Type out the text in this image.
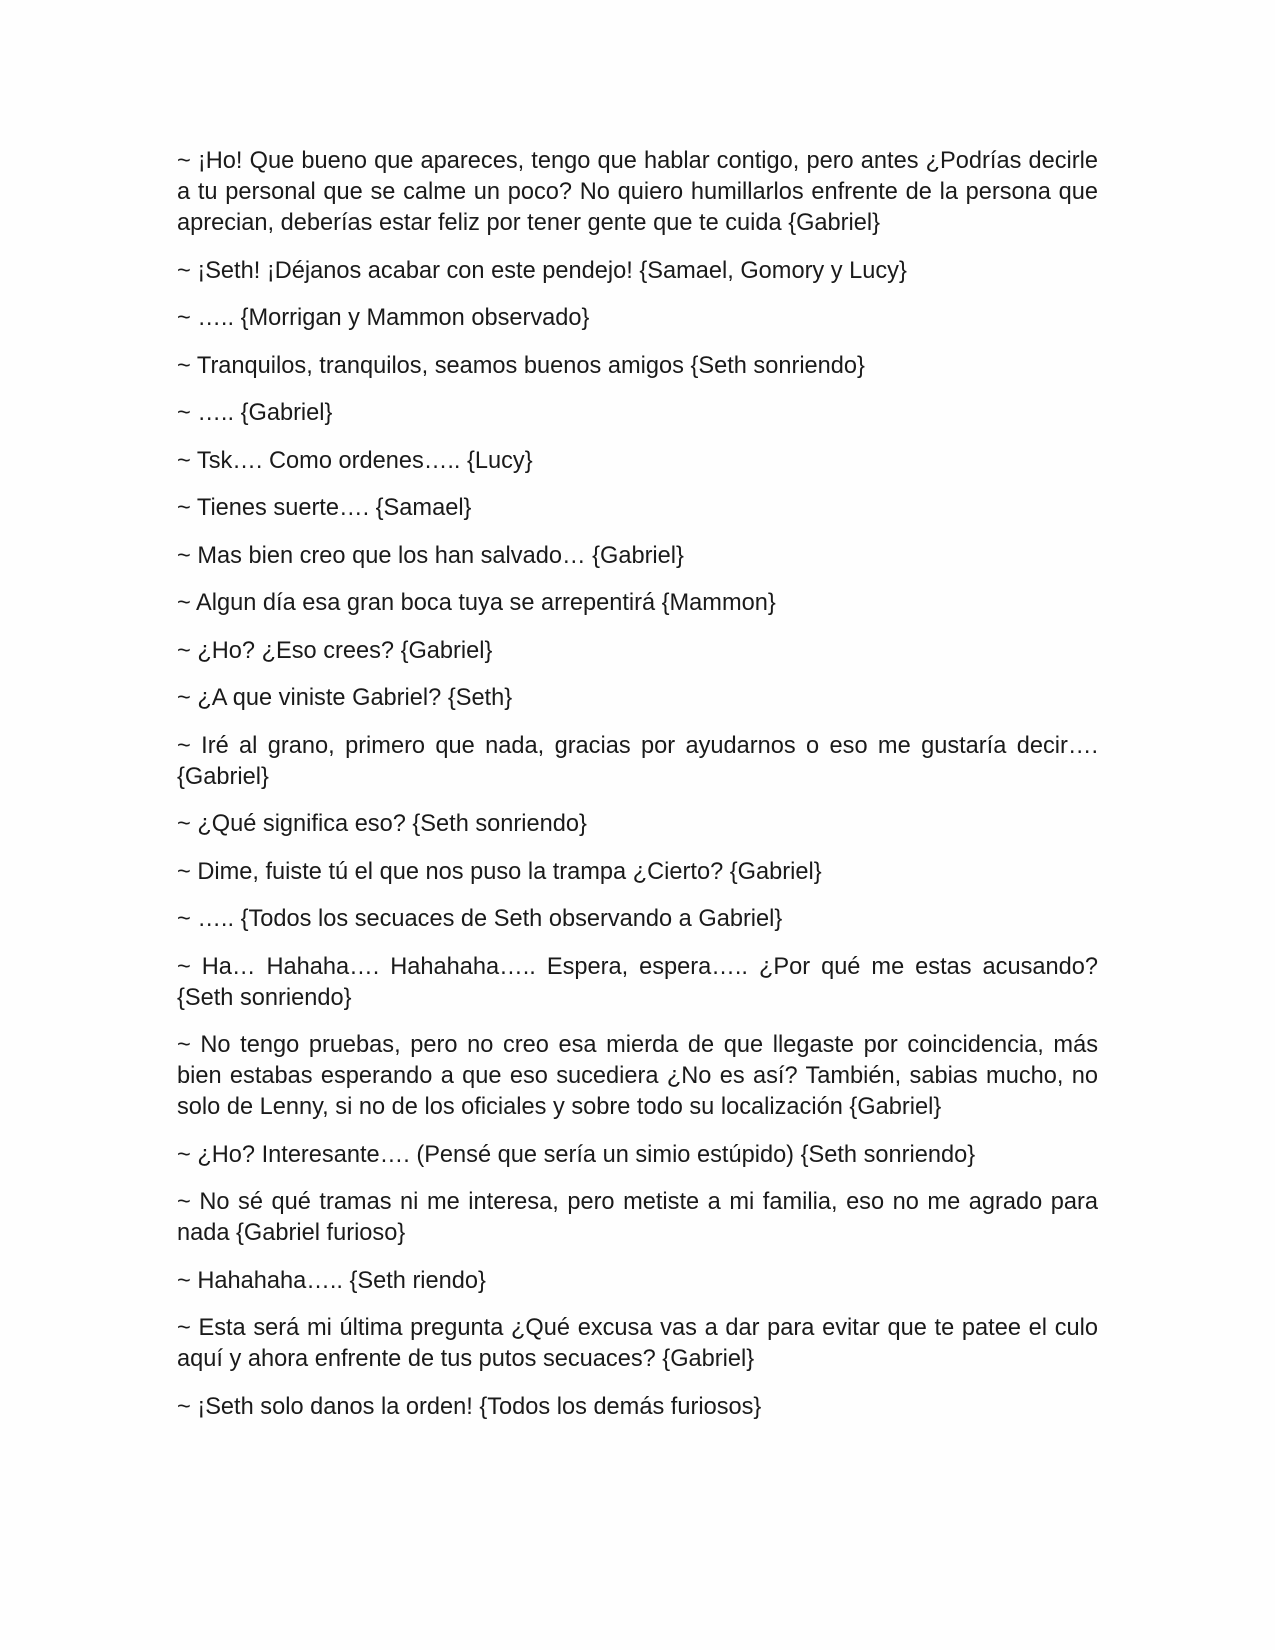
~ ¡Ho! Que bueno que apareces, tengo que hablar contigo, pero antes ¿Podrías decirle a tu personal que se calme un poco? No quiero humillarlos enfrente de la persona que aprecian, deberías estar feliz por tener gente que te cuida {Gabriel}

~ ¡Seth! ¡Déjanos acabar con este pendejo! {Samael, Gomory y Lucy}

~ ….. {Morrigan y Mammon observado}

~ Tranquilos, tranquilos, seamos buenos amigos {Seth sonriendo}

~ ….. {Gabriel}

~ Tsk…. Como ordenes….. {Lucy}

~ Tienes suerte…. {Samael}

~ Mas bien creo que los han salvado… {Gabriel}

~ Algun día esa gran boca tuya se arrepentirá {Mammon}

~ ¿Ho? ¿Eso crees? {Gabriel}

~ ¿A que viniste Gabriel? {Seth}

~ Iré al grano, primero que nada, gracias por ayudarnos o eso me gustaría decir…. {Gabriel}

~ ¿Qué significa eso? {Seth sonriendo}

~ Dime, fuiste tú el que nos puso la trampa ¿Cierto? {Gabriel}

~ ….. {Todos los secuaces de Seth observando a Gabriel}

~ Ha… Hahaha…. Hahahaha….. Espera, espera….. ¿Por qué me estas acusando? {Seth sonriendo}

~ No tengo pruebas, pero no creo esa mierda de que llegaste por coincidencia, más bien estabas esperando a que eso sucediera ¿No es así? También, sabias mucho, no solo de Lenny, si no de los oficiales y sobre todo su localización {Gabriel}

~ ¿Ho? Interesante…. (Pensé que sería un simio estúpido) {Seth sonriendo}

~ No sé qué tramas ni me interesa, pero metiste a mi familia, eso no me agrado para nada {Gabriel furioso}

~ Hahahaha….. {Seth riendo}

~ Esta será mi última pregunta ¿Qué excusa vas a dar para evitar que te patee el culo aquí y ahora enfrente de tus putos secuaces? {Gabriel}

~ ¡Seth solo danos la orden! {Todos los demás furiosos}
